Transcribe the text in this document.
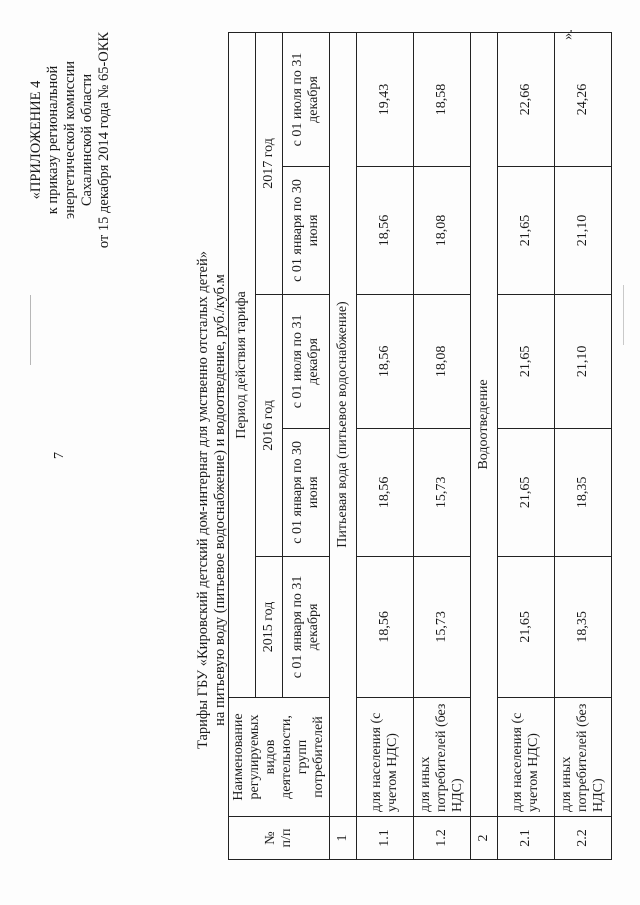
7
«ПРИЛОЖЕНИЕ 4 к приказу региональной энергетической комиссии Сахалинской области от 15 декабря 2014 года № 65-ОКК
Тарифы ГБУ «Кировский детский дом-интернат для умственно отсталых детей» на питьевую воду (питьевое водоснабжение) и водоотведение, руб./куб.м
№
п/п	Наименование регулируемых видов деятельности, групп потребителей	Период действия тарифа				
		2015 год	2016 год		2017 год	
		с 01 января по 31 декабря	с 01 января по 30 июня	с 01 июля по 31 декабря	с 01 января по 30 июня	с 01 июля по 31 декабря
1	Питьевая вода (питьевое водоснабжение)					
1.1	для населения (с учетом НДС)	18,56	18,56	18,56	18,56	19,43
1.2	для иных потребителей (без НДС)	15,73	15,73	18,08	18,08	18,58
2	Водоотведение					
2.1	для населения (с учетом НДС)	21,65	21,65	21,65	21,65	22,66
2.2	для иных потребителей (без НДС)	18,35	18,35	21,10	21,10	24,26
».
